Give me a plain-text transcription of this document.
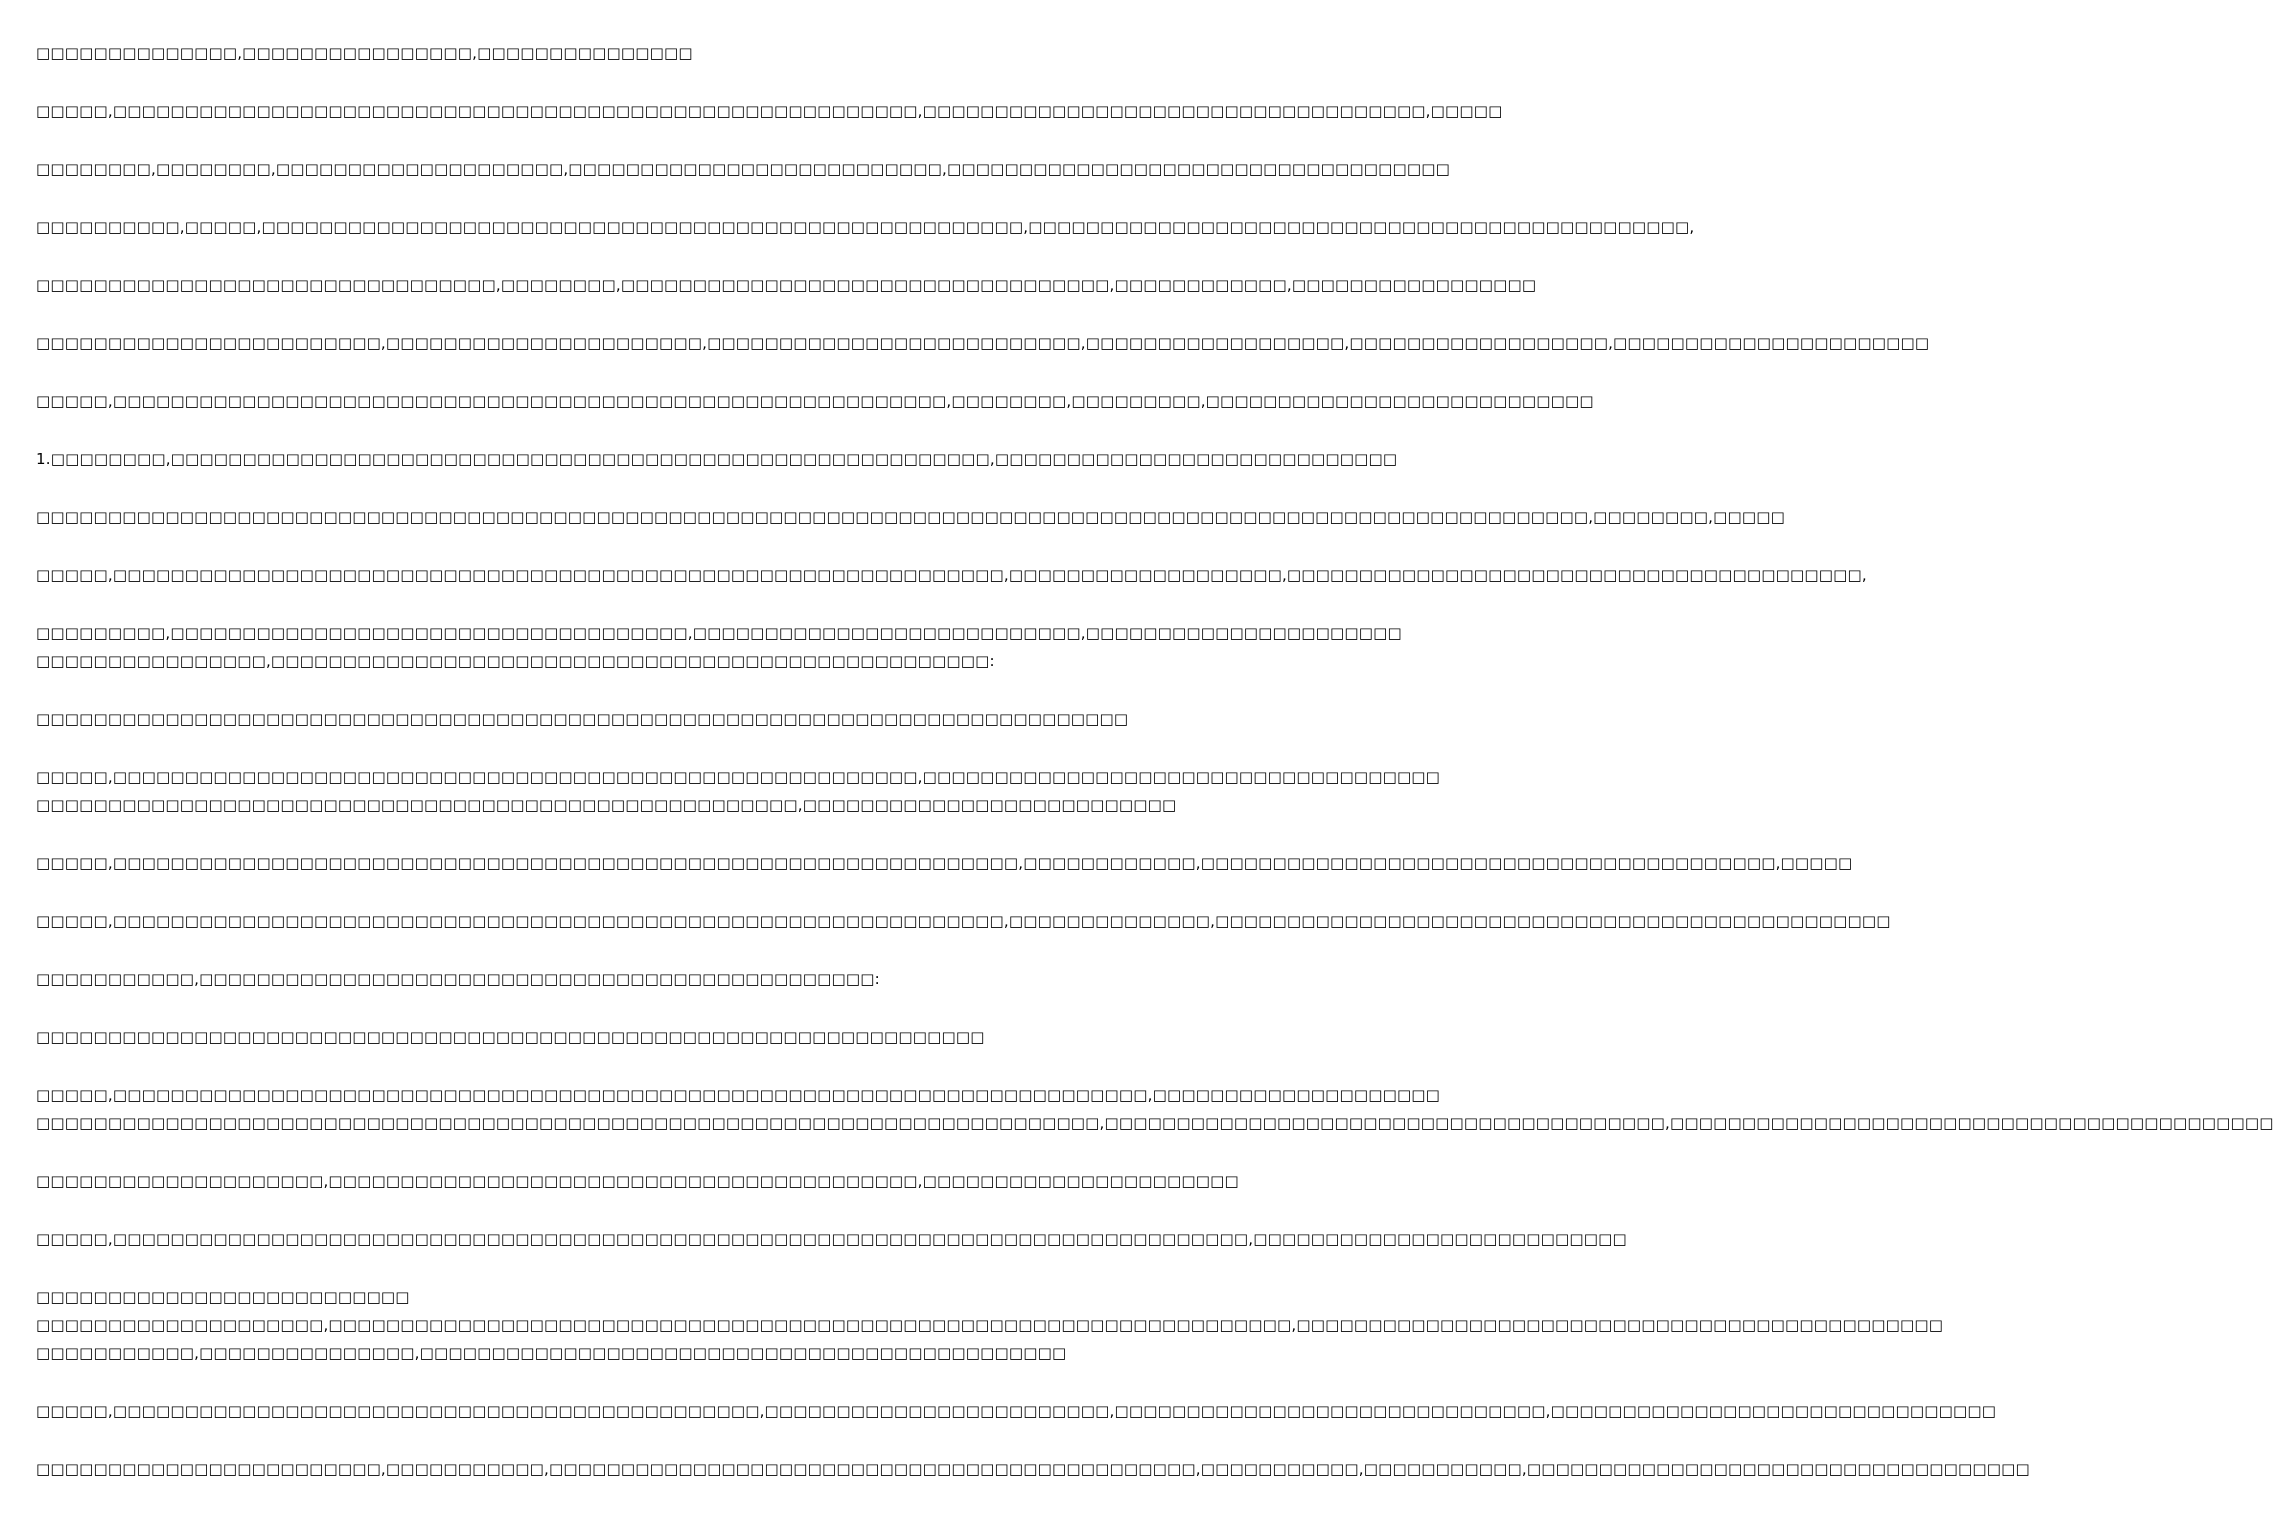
□□□□□□□□□□□□□□,□□□□□□□□□□□□□□□□,□□□□□□□□□□□□□□□
□□□□□,□□□□□□□□□□□□□□□□□□□□□□□□□□□□□□□□□□□□□□□□□□□□□□□□□□□□□□□□,□□□□□□□□□□□□□□□□□□□□□□□□□□□□□□□□□□□,□□□□□
□□□□□□□□,□□□□□□□□,□□□□□□□□□□□□□□□□□□□□,□□□□□□□□□□□□□□□□□□□□□□□□□□,□□□□□□□□□□□□□□□□□□□□□□□□□□□□□□□□□□□
□□□□□□□□□□,□□□□□,□□□□□□□□□□□□□□□□□□□□□□□□□□□□□□□□□□□□□□□□□□□□□□□□□□□□□,□□□□□□□□□□□□□□□□□□□□□□□□□□□□□□□□□□□□□□□□□□□□□□,
□□□□□□□□□□□□□□□□□□□□□□□□□□□□□□□□,□□□□□□□□,□□□□□□□□□□□□□□□□□□□□□□□□□□□□□□□□□□,□□□□□□□□□□□□,□□□□□□□□□□□□□□□□□
□□□□□□□□□□□□□□□□□□□□□□□□,□□□□□□□□□□□□□□□□□□□□□□,□□□□□□□□□□□□□□□□□□□□□□□□□□,□□□□□□□□□□□□□□□□□□,□□□□□□□□□□□□□□□□□□,□□□□□□□□□□□□□□□□□□□□□□
□□□□□,□□□□□□□□□□□□□□□□□□□□□□□□□□□□□□□□□□□□□□□□□□□□□□□□□□□□□□□□□□,□□□□□□□□,□□□□□□□□□,□□□□□□□□□□□□□□□□□□□□□□□□□□□
1.□□□□□□□□,□□□□□□□□□□□□□□□□□□□□□□□□□□□□□□□□□□□□□□□□□□□□□□□□□□□□□□□□□,□□□□□□□□□□□□□□□□□□□□□□□□□□□□
□□□□□□□□□□□□□□□□□□□□□□□□□□□□□□□□□□□□□□□□□□□□□□□□□□□□□□□□□□□□□□□□□□□□□□□□□□□□□□□□□□□□□□□□□□□□□□□□□□□□□□□□□□□□,□□□□□□□□,□□□□□
□□□□□,□□□□□□□□□□□□□□□□□□□□□□□□□□□□□□□□□□□□□□□□□□□□□□□□□□□□□□□□□□□□□□,□□□□□□□□□□□□□□□□□□□,□□□□□□□□□□□□□□□□□□□□□□□□□□□□□□□□□□□□□□□□,
□□□□□□□□□,□□□□□□□□□□□□□□□□□□□□□□□□□□□□□□□□□□□□,□□□□□□□□□□□□□□□□□□□□□□□□□□□,□□□□□□□□□□□□□□□□□□□□□□
□□□□□□□□□□□□□□□□,□□□□□□□□□□□□□□□□□□□□□□□□□□□□□□□□□□□□□□□□□□□□□□□□□□:
□□□□□□□□□□□□□□□□□□□□□□□□□□□□□□□□□□□□□□□□□□□□□□□□□□□□□□□□□□□□□□□□□□□□□□□□□□□□
□□□□□,□□□□□□□□□□□□□□□□□□□□□□□□□□□□□□□□□□□□□□□□□□□□□□□□□□□□□□□□,□□□□□□□□□□□□□□□□□□□□□□□□□□□□□□□□□□□□
□□□□□□□□□□□□□□□□□□□□□□□□□□□□□□□□□□□□□□□□□□□□□□□□□□□□□,□□□□□□□□□□□□□□□□□□□□□□□□□□
□□□□□,□□□□□□□□□□□□□□□□□□□□□□□□□□□□□□□□□□□□□□□□□□□□□□□□□□□□□□□□□□□□□□□,□□□□□□□□□□□□,□□□□□□□□□□□□□□□□□□□□□□□□□□□□□□□□□□□□□□□□,□□□□□
□□□□□,□□□□□□□□□□□□□□□□□□□□□□□□□□□□□□□□□□□□□□□□□□□□□□□□□□□□□□□□□□□□□□,□□□□□□□□□□□□□□,□□□□□□□□□□□□□□□□□□□□□□□□□□□□□□□□□□□□□□□□□□□□□□□
□□□□□□□□□□□,□□□□□□□□□□□□□□□□□□□□□□□□□□□□□□□□□□□□□□□□□□□□□□□:
□□□□□□□□□□□□□□□□□□□□□□□□□□□□□□□□□□□□□□□□□□□□□□□□□□□□□□□□□□□□□□□□□□
□□□□□,□□□□□□□□□□□□□□□□□□□□□□□□□□□□□□□□□□□□□□□□□□□□□□□□□□□□□□□□□□□□□□□□□□□□□□□□,□□□□□□□□□□□□□□□□□□□□
□□□□□□□□□□□□□□□□□□□□□□□□□□□□□□□□□□□□□□□□□□□□□□□□□□□□□□□□□□□□□□□□□□□□□□□□□□,□□□□□□□□□□□□□□□□□□□□□□□□□□□□□□□□□□□□□□□,□□□□□□□□□□□□□□□□□□□□□□□□□□□□□□□□□□□□□□□□□□
□□□□□□□□□□□□□□□□□□□□,□□□□□□□□□□□□□□□□□□□□□□□□□□□□□□□□□□□□□□□□□,□□□□□□□□□□□□□□□□□□□□□□
□□□□□,□□□□□□□□□□□□□□□□□□□□□□□□□□□□□□□□□□□□□□□□□□□□□□□□□□□□□□□□□□□□□□□□□□□□□□□□□□□□□□□,□□□□□□□□□□□□□□□□□□□□□□□□□□
□□□□□□□□□□□□□□□□□□□□□□□□□□
□□□□□□□□□□□□□□□□□□□□,□□□□□□□□□□□□□□□□□□□□□□□□□□□□□□□□□□□□□□□□□□□□□□□□□□□□□□□□□□□□□□□□□□□,□□□□□□□□□□□□□□□□□□□□□□□□□□□□□□□□□□□□□□□□□□□□□
□□□□□□□□□□□,□□□□□□□□□□□□□□□,□□□□□□□□□□□□□□□□□□□□□□□□□□□□□□□□□□□□□□□□□□□□□
□□□□□,□□□□□□□□□□□□□□□□□□□□□□□□□□□□□□□□□□□□□□□□□□□□□,□□□□□□□□□□□□□□□□□□□□□□□□,□□□□□□□□□□□□□□□□□□□□□□□□□□□□□□,□□□□□□□□□□□□□□□□□□□□□□□□□□□□□□□
□□□□□□□□□□□□□□□□□□□□□□□□,□□□□□□□□□□□,□□□□□□□□□□□□□□□□□□□□□□□□□□□□□□□□□□□□□□□□□□□□□,□□□□□□□□□□□,□□□□□□□□□□□,□□□□□□□□□□□□□□□□□□□□□□□□□□□□□□□□□□□
